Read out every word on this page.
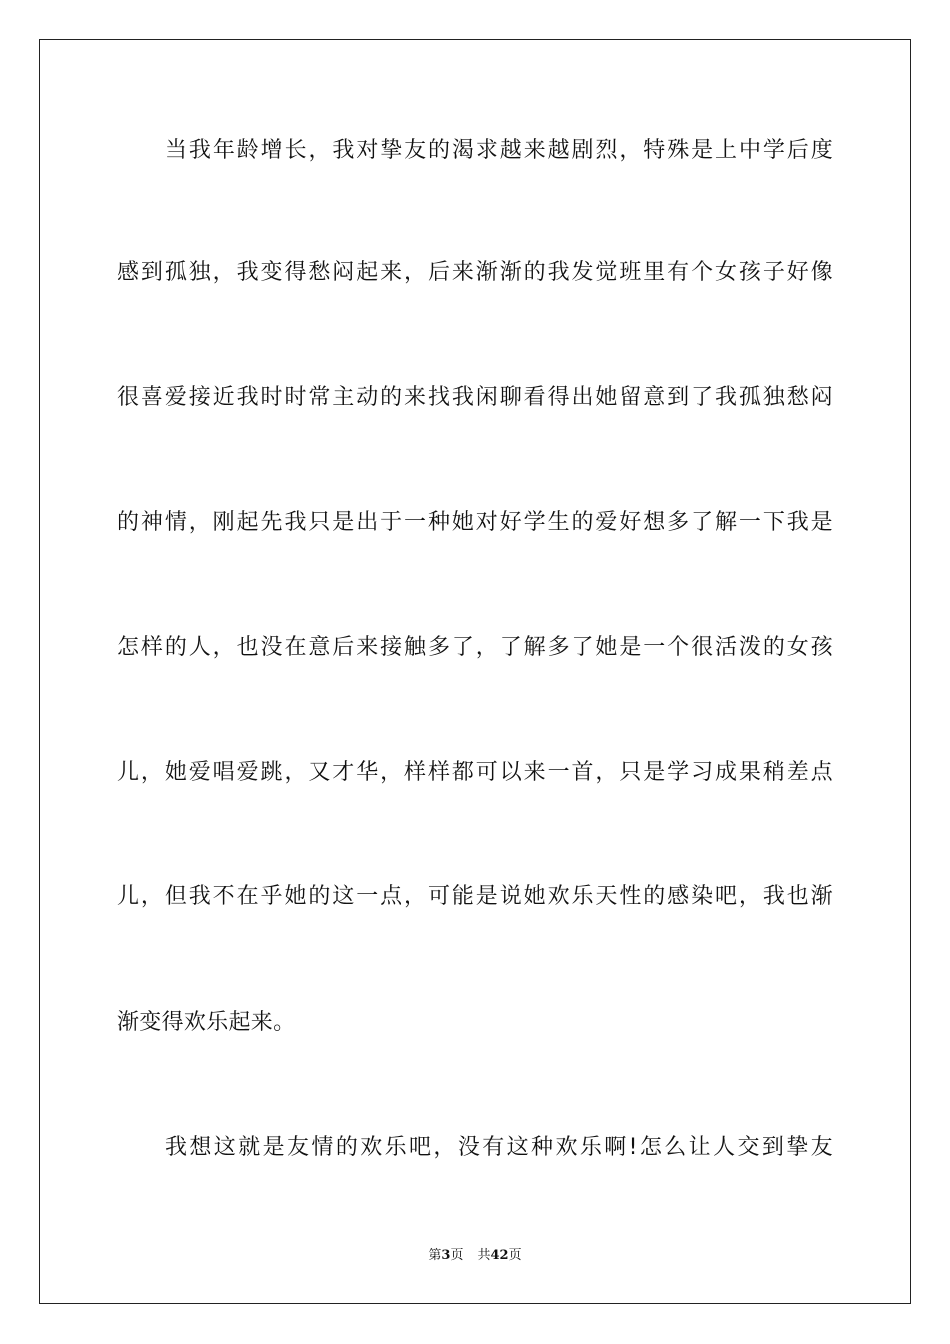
当我年龄增长，我对挚友的渴求越来越剧烈，特殊是上中学后度
感到孤独，我变得愁闷起来，后来渐渐的我发觉班里有个女孩子好像
很喜爱接近我时时常主动的来找我闲聊看得出她留意到了我孤独愁闷
的神情，刚起先我只是出于一种她对好学生的爱好想多了解一下我是
怎样的人，也没在意后来接触多了，了解多了她是一个很活泼的女孩
儿，她爱唱爱跳，又才华，样样都可以来一首，只是学习成果稍差点
儿，但我不在乎她的这一点，可能是说她欢乐天性的感染吧，我也渐
渐变得欢乐起来。
我想这就是友情的欢乐吧，没有这种欢乐啊!怎么让人交到挚友
第3页 共42页
